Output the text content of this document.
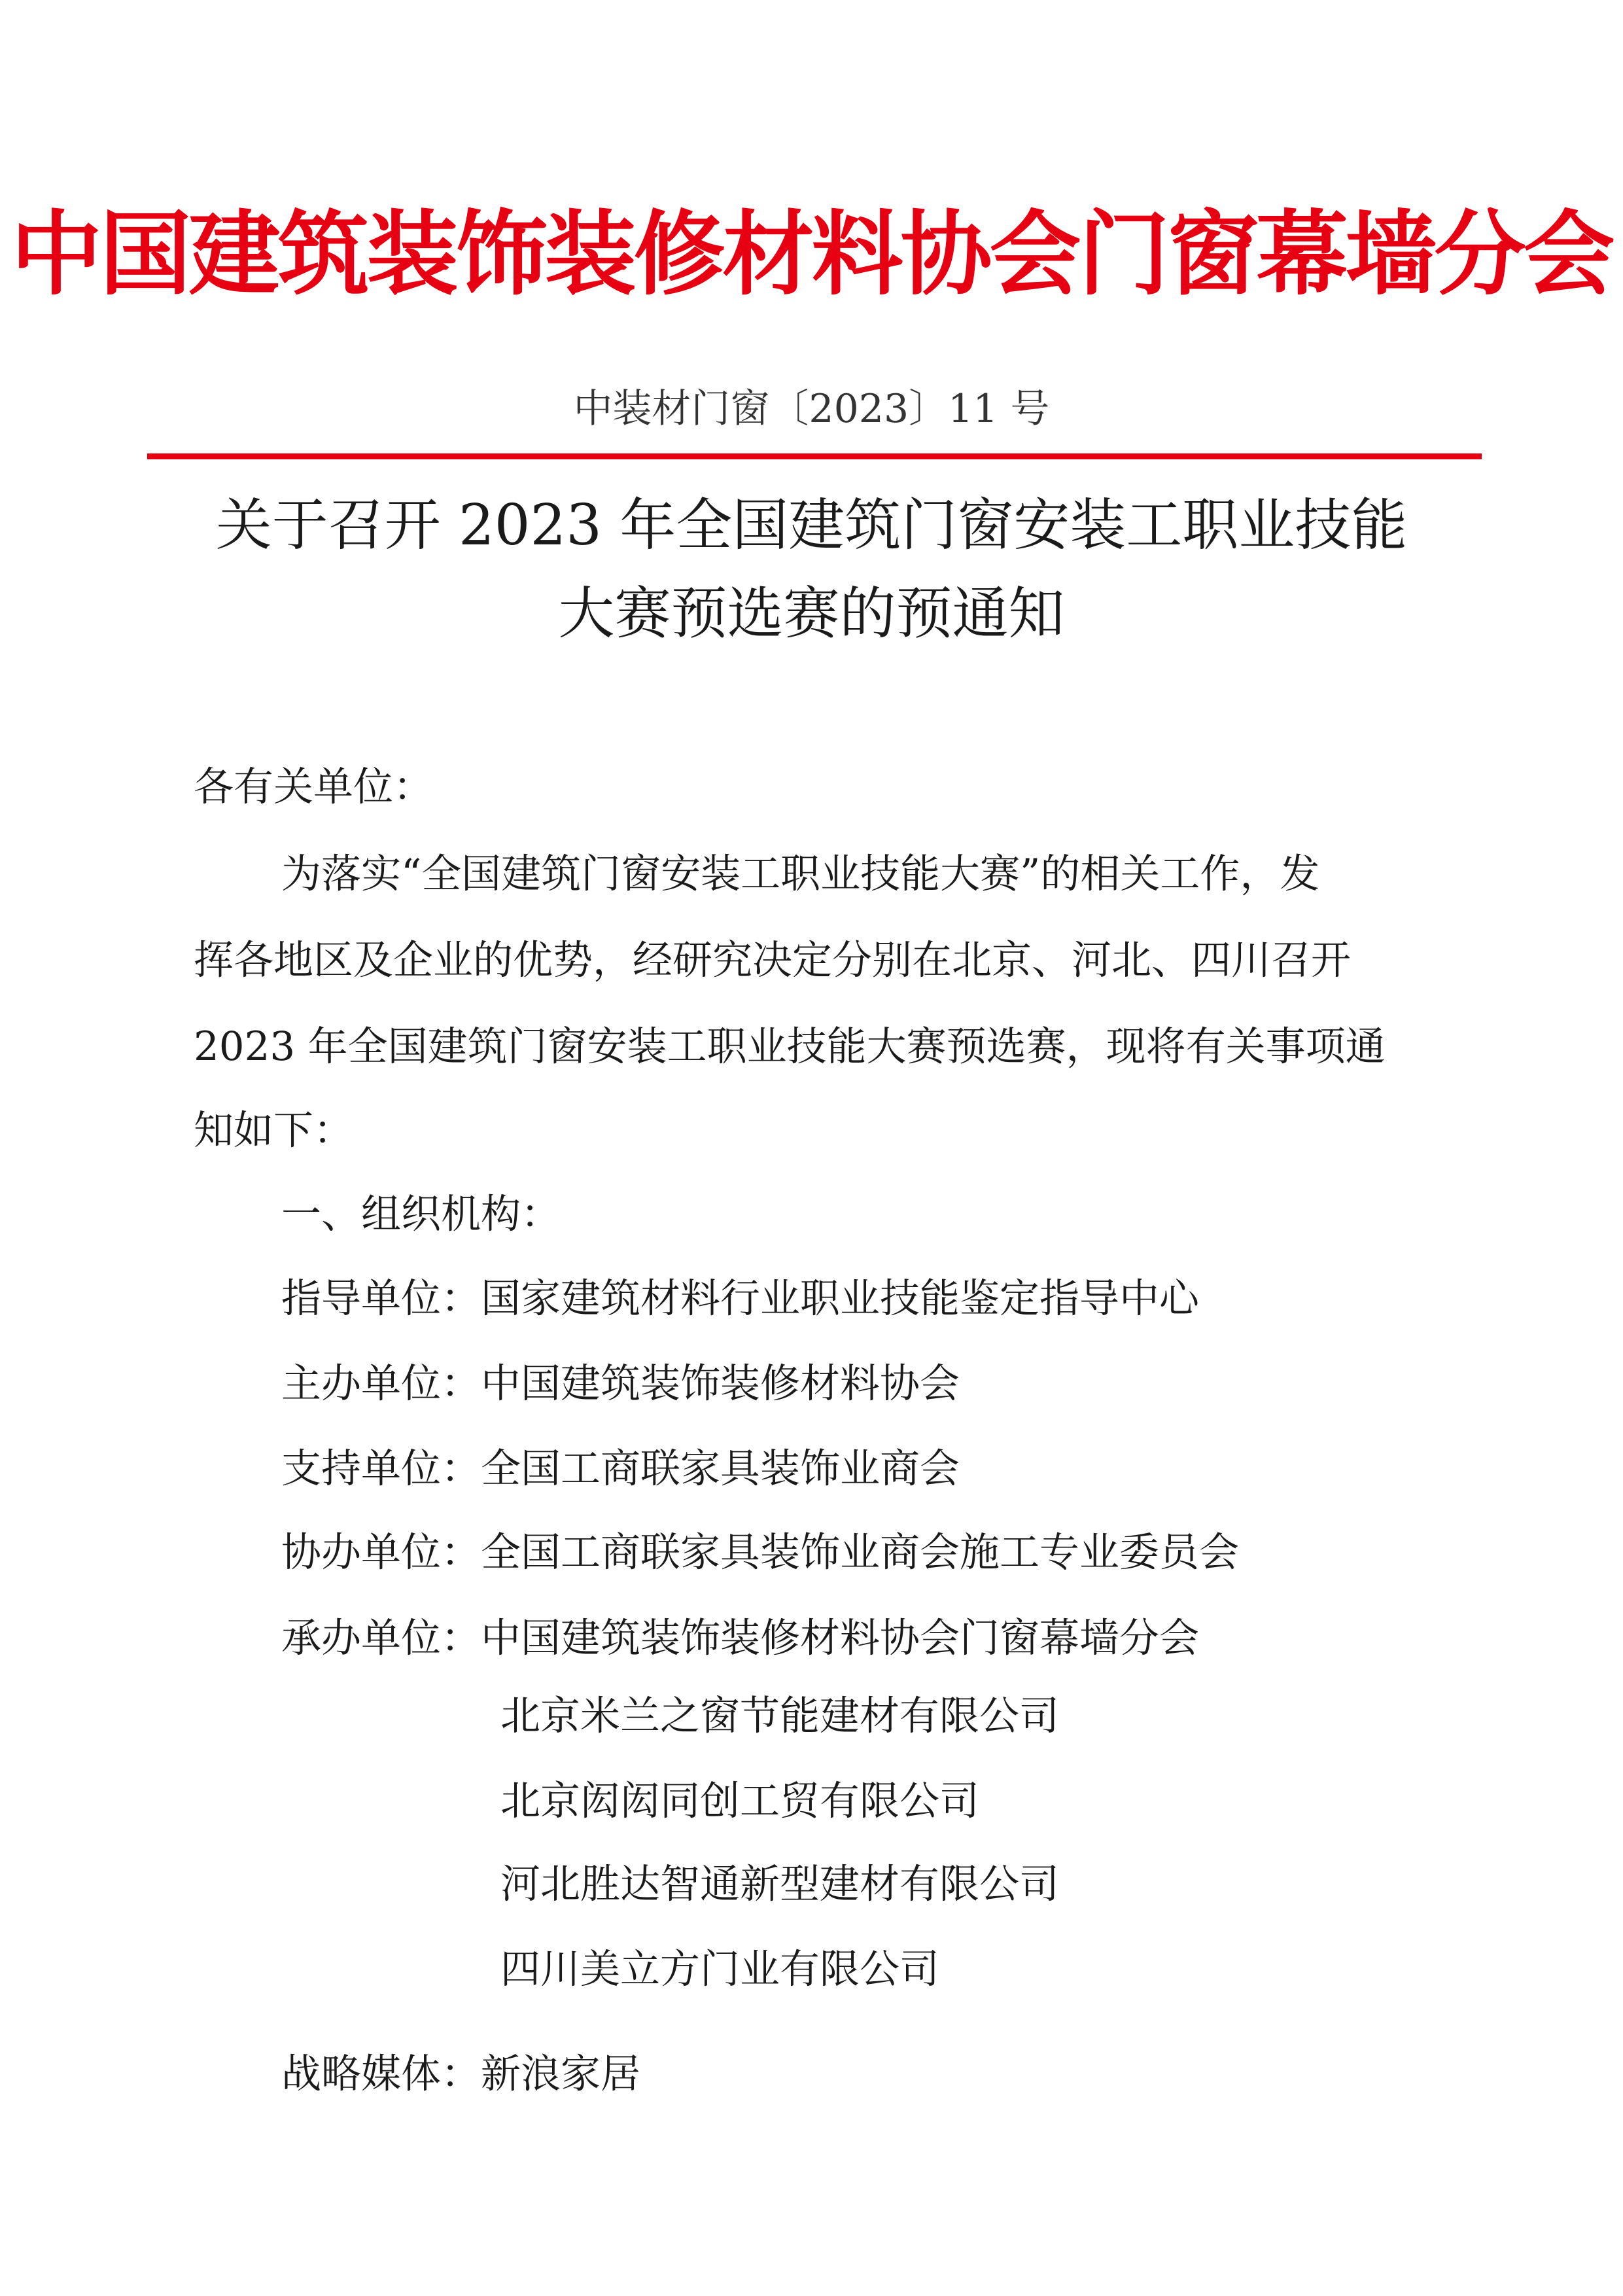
中国建筑装饰装修材料协会门窗幕墙分会
中装材门窗〔2023〕11 号
关于召开 2023 年全国建筑门窗安装工职业技能
大赛预选赛的预通知
各有关单位：
为落实“全国建筑门窗安装工职业技能大赛”的相关工作，发
挥各地区及企业的优势，经研究决定分别在北京、河北、四川召开
2023 年全国建筑门窗安装工职业技能大赛预选赛，现将有关事项通
知如下：
一、组织机构：
指导单位：国家建筑材料行业职业技能鉴定指导中心
主办单位：中国建筑装饰装修材料协会
支持单位：全国工商联家具装饰业商会
协办单位：全国工商联家具装饰业商会施工专业委员会
承办单位：中国建筑装饰装修材料协会门窗幕墙分会
北京米兰之窗节能建材有限公司
北京闳闳同创工贸有限公司
河北胜达智通新型建材有限公司
四川美立方门业有限公司
战略媒体：新浪家居
